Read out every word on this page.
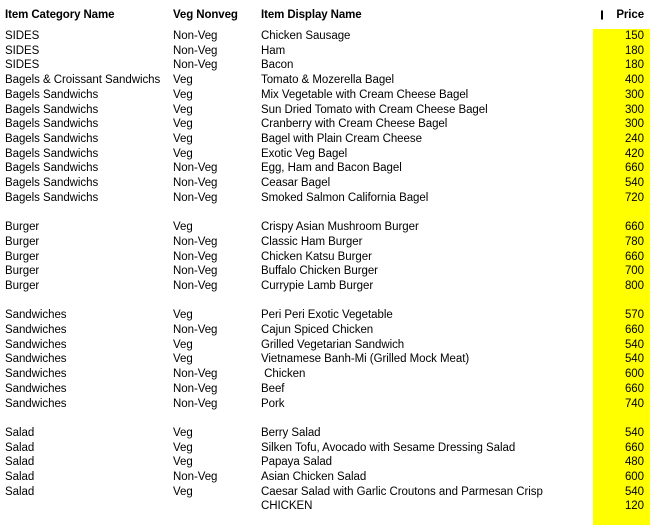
Item Category Name	Veg Nonveg	Item Display Name	Price
SIDES	Non-Veg	Chicken Sausage	150
SIDES	Non-Veg	Ham	180
SIDES	Non-Veg	Bacon	180
Bagels & Croissant Sandwichs	Veg	Tomato & Mozerella Bagel	400
Bagels Sandwichs	Veg	Mix Vegetable with Cream Cheese Bagel	300
Bagels Sandwichs	Veg	Sun Dried Tomato with Cream Cheese Bagel	300
Bagels Sandwichs	Veg	Cranberry with Cream Cheese Bagel	300
Bagels Sandwichs	Veg	Bagel with Plain Cream Cheese	240
Bagels Sandwichs	Veg	Exotic Veg Bagel	420
Bagels Sandwichs	Non-Veg	Egg, Ham and Bacon Bagel	660
Bagels Sandwichs	Non-Veg	Ceasar Bagel	540
Bagels Sandwichs	Non-Veg	Smoked Salmon California Bagel	720

Burger	Veg	Crispy Asian Mushroom Burger	660
Burger	Non-Veg	Classic Ham Burger	780
Burger	Non-Veg	Chicken Katsu Burger	660
Burger	Non-Veg	Buffalo Chicken Burger	700
Burger	Non-Veg	Currypie Lamb Burger	800

Sandwiches	Veg	Peri Peri Exotic Vegetable	570
Sandwiches	Non-Veg	Cajun Spiced Chicken	660
Sandwiches	Veg	Grilled Vegetarian Sandwich	540
Sandwiches	Veg	Vietnamese Banh-Mi (Grilled Mock Meat)	540
Sandwiches	Non-Veg	Chicken	600
Sandwiches	Non-Veg	Beef	660
Sandwiches	Non-Veg	Pork	740

Salad	Veg	Berry Salad	540
Salad	Veg	Silken Tofu, Avocado with Sesame Dressing Salad	660
Salad	Veg	Papaya Salad	480
Salad	Non-Veg	Asian Chicken Salad	600
Salad	Veg	Caesar Salad with Garlic Croutons and Parmesan Crisp	540
		CHICKEN	120
